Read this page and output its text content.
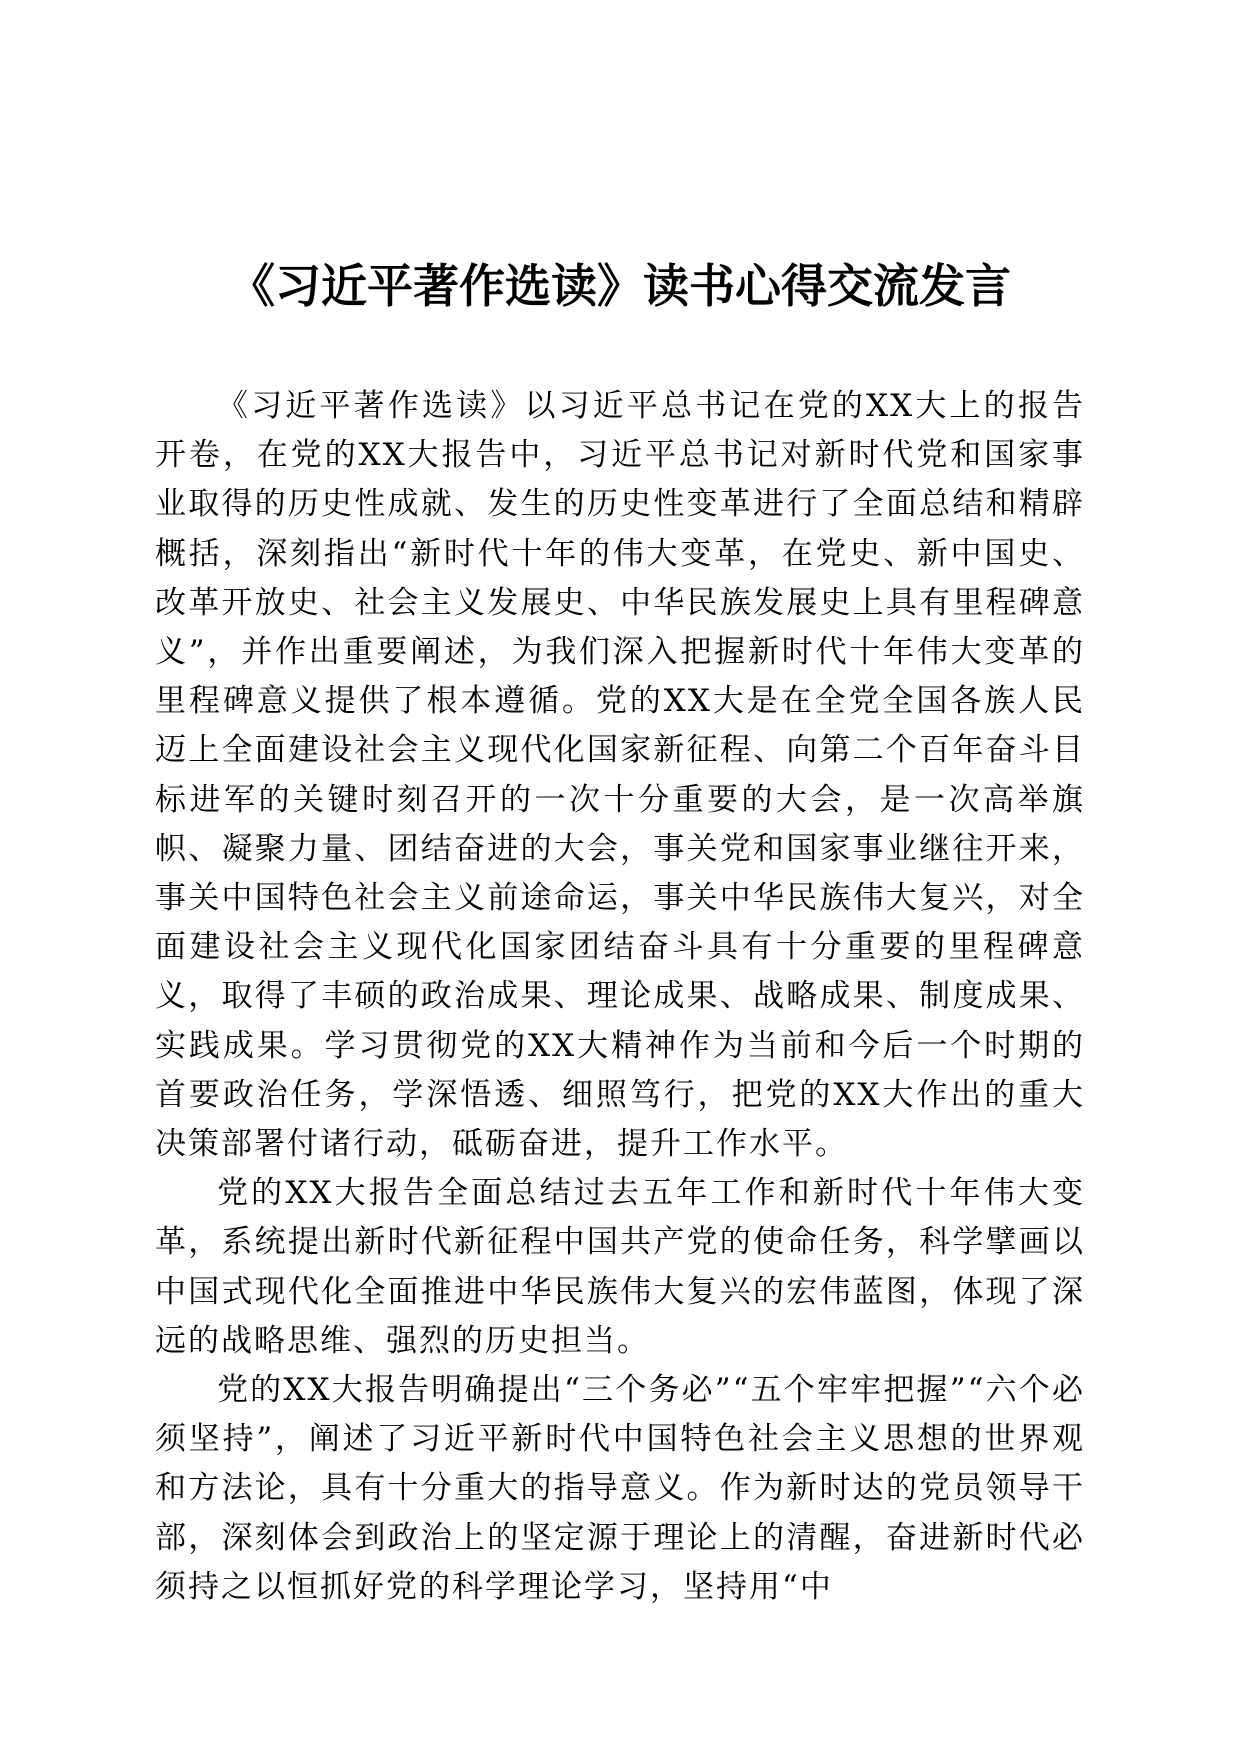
《习近平著作选读》读书心得交流发言

《习近平著作选读》以习近平总书记在党的XX大上的报告开卷，在党的XX大报告中，习近平总书记对新时代党和国家事业取得的历史性成就、发生的历史性变革进行了全面总结和精辟概括，深刻指出“新时代十年的伟大变革，在党史、新中国史、改革开放史、社会主义发展史、中华民族发展史上具有里程碑意义”，并作出重要阐述，为我们深入把握新时代十年伟大变革的里程碑意义提供了根本遵循。党的XX大是在全党全国各族人民迈上全面建设社会主义现代化国家新征程、向第二个百年奋斗目标进军的关键时刻召开的一次十分重要的大会，是一次高举旗帜、凝聚力量、团结奋进的大会，事关党和国家事业继往开来，事关中国特色社会主义前途命运，事关中华民族伟大复兴，对全面建设社会主义现代化国家团结奋斗具有十分重要的里程碑意义，取得了丰硕的政治成果、理论成果、战略成果、制度成果、实践成果。学习贯彻党的XX大精神作为当前和今后一个时期的首要政治任务，学深悟透、细照笃行，把党的XX大作出的重大决策部署付诸行动，砥砺奋进，提升工作水平。

党的XX大报告全面总结过去五年工作和新时代十年伟大变革，系统提出新时代新征程中国共产党的使命任务，科学擘画以中国式现代化全面推进中华民族伟大复兴的宏伟蓝图，体现了深远的战略思维、强烈的历史担当。

党的XX大报告明确提出“三个务必”“五个牢牢把握”“六个必须坚持”，阐述了习近平新时代中国特色社会主义思想的世界观和方法论，具有十分重大的指导意义。作为新时达的党员领导干部，深刻体会到政治上的坚定源于理论上的清醒，奋进新时代必须持之以恒抓好党的科学理论学习，坚持用“中
